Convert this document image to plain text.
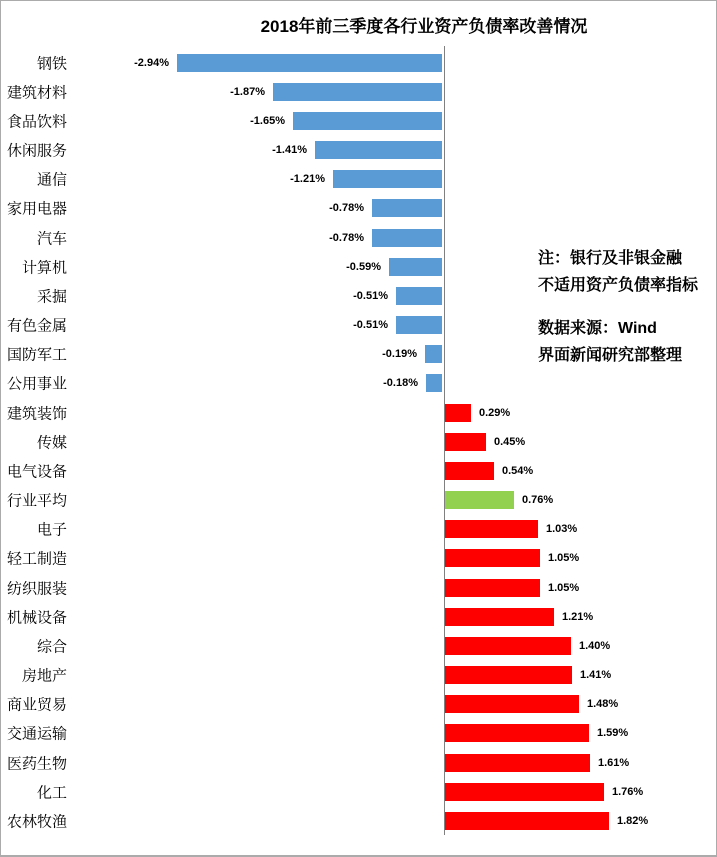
2018年前三季度各行业资产负债率改善情况
钢铁	-2.94%
建筑材料	-1.87%
食品饮料	-1.65%
休闲服务	-1.41%
通信	-1.21%
家用电器	-0.78%
汽车	-0.78%
计算机	-0.59%
采掘	-0.51%
有色金属	-0.51%
国防军工	-0.19%
公用事业	-0.18%
建筑装饰	0.29%
传媒	0.45%
电气设备	0.54%
行业平均	0.76%
电子	1.03%
轻工制造	1.05%
纺织服装	1.05%
机械设备	1.21%
综合	1.40%
房地产	1.41%
商业贸易	1.48%
交通运输	1.59%
医药生物	1.61%
化工	1.76%
农林牧渔	1.82%
注：银行及非银金融
不适用资产负债率指标
数据来源：Wind
界面新闻研究部整理
